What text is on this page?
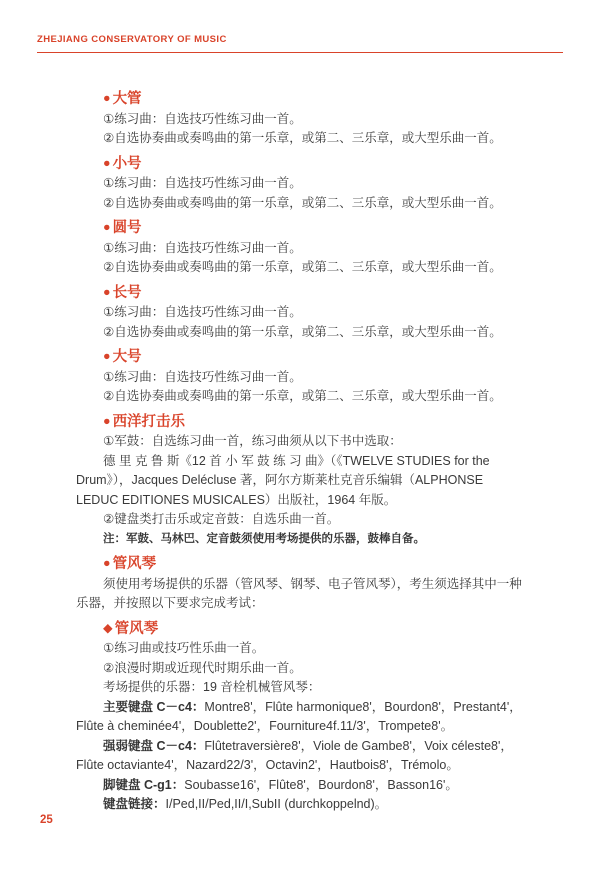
ZHEJIANG CONSERVATORY OF MUSIC
● 大管

①练习曲：自选技巧性练习曲一首。

②自选协奏曲或奏鸣曲的第一乐章，或第二、三乐章，或大型乐曲一首。

● 小号

①练习曲：自选技巧性练习曲一首。

②自选协奏曲或奏鸣曲的第一乐章，或第二、三乐章，或大型乐曲一首。

● 圆号

①练习曲：自选技巧性练习曲一首。

②自选协奏曲或奏鸣曲的第一乐章，或第二、三乐章，或大型乐曲一首。

● 长号

①练习曲：自选技巧性练习曲一首。

②自选协奏曲或奏鸣曲的第一乐章，或第二、三乐章，或大型乐曲一首。

● 大号

①练习曲：自选技巧性练习曲一首。

②自选协奏曲或奏鸣曲的第一乐章，或第二、三乐章，或大型乐曲一首。

● 西洋打击乐

①军鼓：自选练习曲一首，练习曲须从以下书中选取：

德 里 克 鲁 斯《12 首 小 军 鼓 练 习 曲》（《TWELVE STUDIES for the

Drum》），Jacques Delécluse 著，阿尔方斯莱杜克音乐编辑（ALPHONSE

LEDUC EDITIONES MUSICALES）出版社，1964 年版。

②键盘类打击乐或定音鼓：自选乐曲一首。

注：军鼓、马林巴、定音鼓须使用考场提供的乐器，鼓棒自备。

● 管风琴

须使用考场提供的乐器（管风琴、钢琴、电子管风琴），考生须选择其中一种

乐器，并按照以下要求完成考试：

◆ 管风琴

①练习曲或技巧性乐曲一首。

②浪漫时期或近现代时期乐曲一首。

考场提供的乐器：19 音栓机械管风琴：

主要键盘 C－c4：Montre8'，Flûte harmonique8'，Bourdon8'，Prestant4'，

Flûte à cheminée4'，Doublette2'，Fourniture4f.11/3'，Trompete8'。

强弱键盘 C－c4：Flûtetraversière8'，Viole de Gambe8'，Voix céleste8'，

Flûte octaviante4'，Nazard22/3'，Octavin2'，Hautbois8'，Trémolo。

脚键盘 C-g1：Soubasse16'，Flûte8'，Bourdon8'，Basson16'。

键盘链接：I/Ped,II/Ped,II/I,SubII (durchkoppelnd)。

25
